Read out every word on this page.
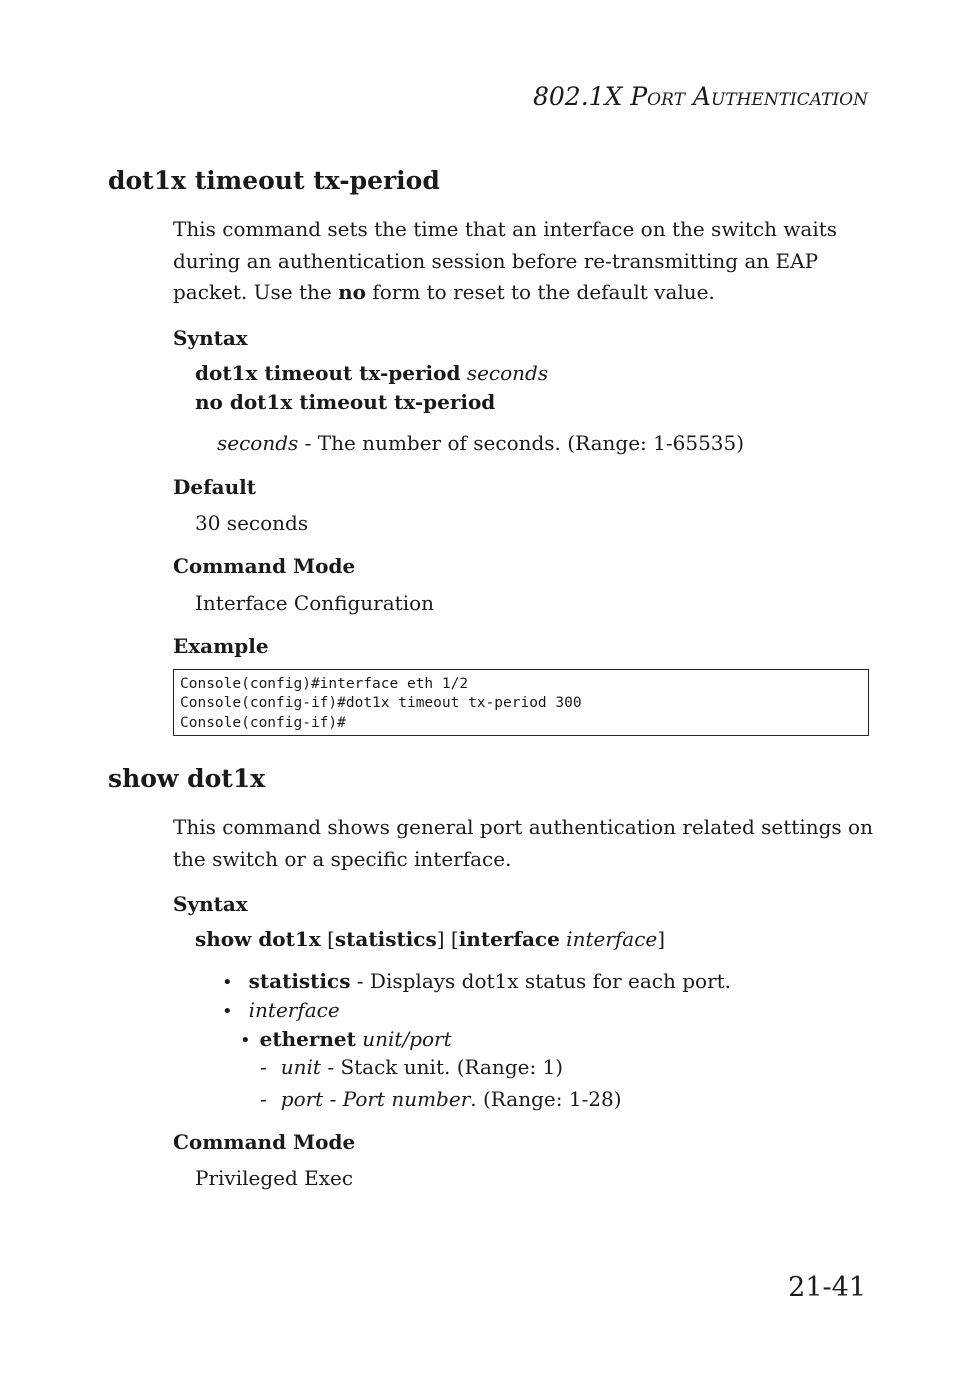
802.1X PORT AUTHENTICATION
dot1x timeout tx-period
This command sets the time that an interface on the switch waits during an authentication session before re-transmitting an EAP packet. Use the no form to reset to the default value.
Syntax
dot1x timeout tx-period seconds
no dot1x timeout tx-period
seconds - The number of seconds. (Range: 1-65535)
Default
30 seconds
Command Mode
Interface Configuration
Example
Console(config)#interface eth 1/2
Console(config-if)#dot1x timeout tx-period 300
Console(config-if)#
show dot1x
This command shows general port authentication related settings on the switch or a specific interface.
Syntax
show dot1x [statistics] [interface interface]
• statistics - Displays dot1x status for each port.
• interface
• ethernet unit/port
- unit - Stack unit. (Range: 1)
- port - Port number. (Range: 1-28)
Command Mode
Privileged Exec
21-41
